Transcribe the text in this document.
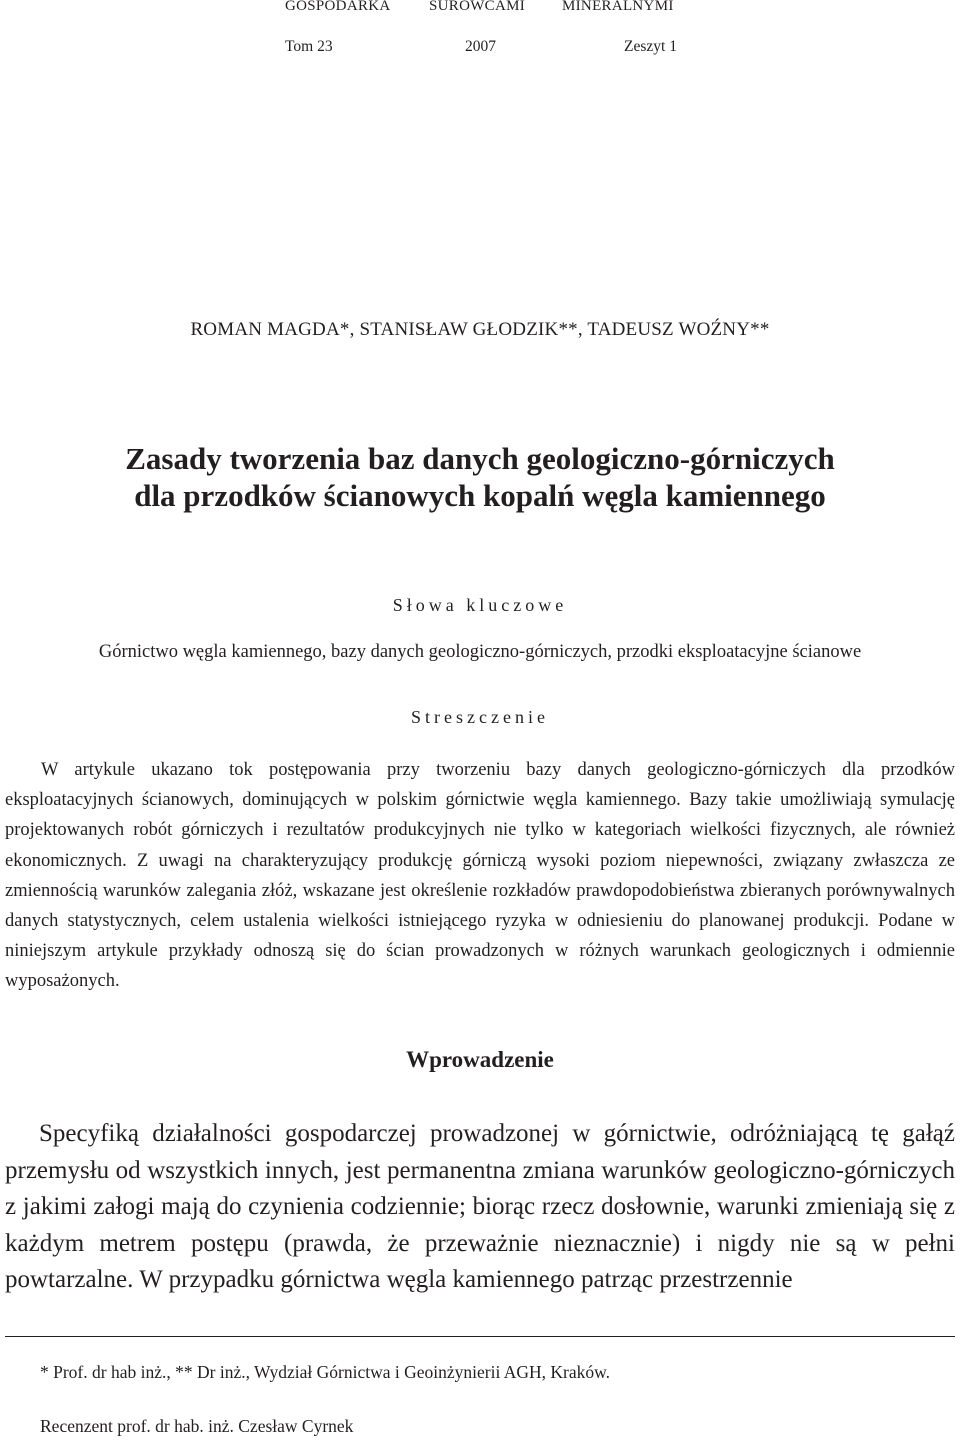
GOSPODARKA	SUROWCAMI MINERALNYMI
Tom 23	2007	Zeszyt 1
ROMAN MAGDA*, STANISŁAW GŁODZIK**, TADEUSZ WOŹNY**
Zasady tworzenia baz danych geologiczno-górniczych
dla przodków ścianowych kopalń węgla kamiennego
Słowa kluczowe
Górnictwo węgla kamiennego, bazy danych geologiczno-górniczych, przodki eksploatacyjne ścianowe
Streszczenie
W artykule ukazano tok postępowania przy tworzeniu bazy danych geologiczno-górniczych dla przodków eksploatacyjnych ścianowych, dominujących w polskim górnictwie węgla kamiennego. Bazy takie umożliwiają symulację projektowanych robót górniczych i rezultatów produkcyjnych nie tylko w kategoriach wielkości fizycznych, ale również ekonomicznych. Z uwagi na charakteryzujący produkcję górniczą wysoki poziom niepewności, związany zwłaszcza ze zmiennością warunków zalegania złóż, wskazane jest określenie rozkładów prawdopodobieństwa zbieranych porównywalnych danych statystycznych, celem ustalenia wielkości istniejącego ryzyka w odniesieniu do planowanej produkcji. Podane w niniejszym artykule przykłady odnoszą się do ścian prowadzonych w różnych warunkach geologicznych i odmiennie wyposażonych.
Wprowadzenie
Specyfiką działalności gospodarczej prowadzonej w górnictwie, odróżniającą tę gałąź przemysłu od wszystkich innych, jest permanentna zmiana warunków geologiczno-górniczych z jakimi załogi mają do czynienia codziennie; biorąc rzecz dosłownie, warunki zmieniają się z każdym metrem postępu (prawda, że przeważnie nieznacznie) i nigdy nie są w pełni powtarzalne. W przypadku górnictwa węgla kamiennego patrząc przestrzennie
* Prof. dr hab inż., ** Dr inż., Wydział Górnictwa i Geoinżynierii AGH, Kraków.
Recenzent prof. dr hab. inż. Czesław Cyrnek
